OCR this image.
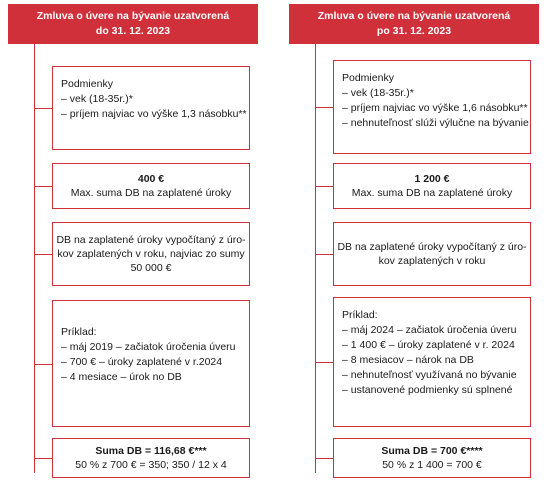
Zmluva o úvere na bývanie uzatvorená
do 31. 12. 2023
Podmienky
– vek (18-35r.)*
– príjem najviac vo výške 1,3 násobku**
400 €
Max. suma DB na zaplatené úroky
DB na zaplatené úroky vypočítaný z úro-
kov zaplatených v roku, najviac zo sumy
50 000 €
Príklad:
– máj 2019 – začiatok úročenia úveru
– 700 € – úroky zaplatené v r.2024
– 4 mesiace – úrok no DB
Suma DB = 116,68 €***
50 % z 700 € = 350; 350 / 12 x 4
Zmluva o úvere na bývanie uzatvorená
po 31. 12. 2023
Podmienky
– vek (18-35r.)*
– príjem najviac vo výške 1,6 násobku**
– nehnuteľnosť slúži výlučne na bývanie
1 200 €
Max. suma DB na zaplatené úroky
DB na zaplatené úroky vypočítaný z úro-
kov zaplatených v roku
Príklad:
– máj 2024 – začiatok úročenia úveru
– 1 400 € – úroky zaplatené v r. 2024
– 8 mesiacov – nárok na DB
– nehnuteľnosť využívaná no bývanie
– ustanovené podmienky sú splnené
Suma DB = 700 €****
50 % z 1 400 = 700 €
